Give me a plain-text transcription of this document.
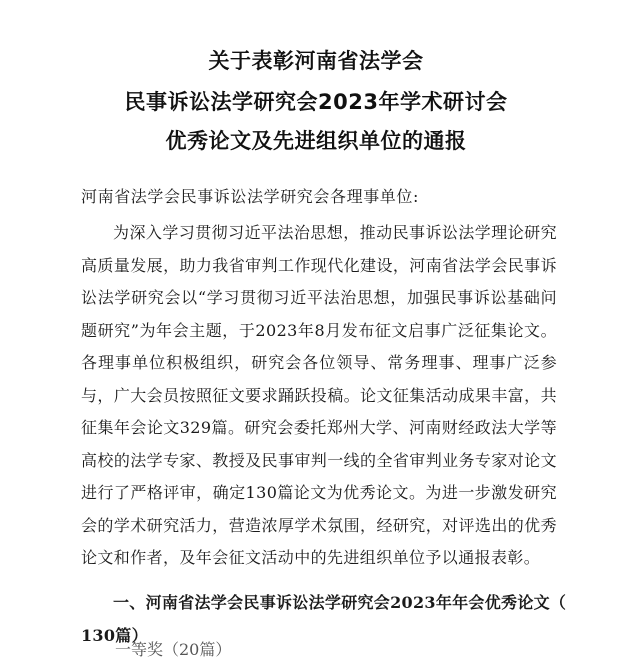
关于表彰河南省法学会
民事诉讼法学研究会2023年学术研讨会
优秀论文及先进组织单位的通报
河南省法学会民事诉讼法学研究会各理事单位:
为深入学习贯彻习近平法治思想，推动民事诉讼法学理论研究高质量发展，助力我省审判工作现代化建设，河南省法学会民事诉讼法学研究会以“学习贯彻习近平法治思想，加强民事诉讼基础问题研究”为年会主题，于2023年8月发布征文启事广泛征集论文。各理事单位积极组织，研究会各位领导、常务理事、理事广泛参与，广大会员按照征文要求踊跃投稿。论文征集活动成果丰富，共征集年会论文329篇。研究会委托郑州大学、河南财经政法大学等高校的法学专家、教授及民事审判一线的全省审判业务专家对论文进行了严格评审，确定130篇论文为优秀论文。为进一步激发研究会的学术研究活力，营造浓厚学术氛围，经研究，对评选出的优秀论文和作者，及年会征文活动中的先进组织单位予以通报表彰。
一、河南省法学会民事诉讼法学研究会2023年年会优秀论文（ 130篇）
一等奖（20篇）
